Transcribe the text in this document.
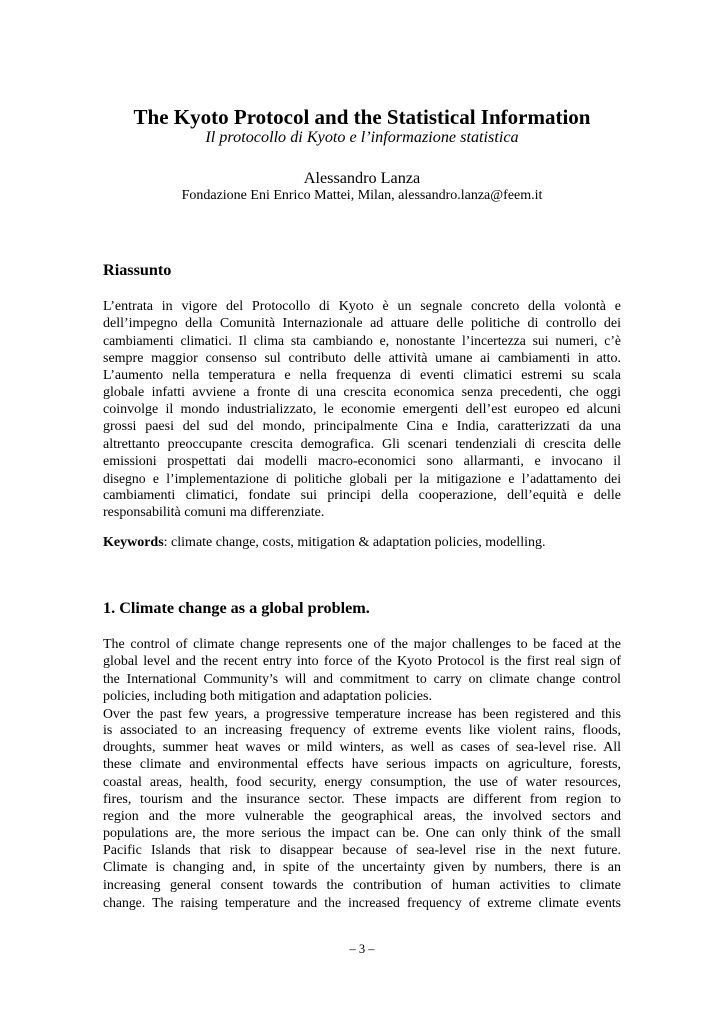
The Kyoto Protocol and the Statistical Information
Il protocollo di Kyoto e l’informazione statistica
Alessandro Lanza
Fondazione Eni Enrico Mattei, Milan, alessandro.lanza@feem.it
Riassunto
L’entrata in vigore del Protocollo di Kyoto è un segnale concreto della volontà e
dell’impegno della Comunità Internazionale ad attuare delle politiche di controllo dei
cambiamenti climatici. Il clima sta cambiando e, nonostante l’incertezza sui numeri, c’è
sempre maggior consenso sul contributo delle attività umane ai cambiamenti in atto.
L’aumento nella temperatura e nella frequenza di eventi climatici estremi su scala
globale infatti avviene a fronte di una crescita economica senza precedenti, che oggi
coinvolge il mondo industrializzato, le economie emergenti dell’est europeo ed alcuni
grossi paesi del sud del mondo, principalmente Cina e India, caratterizzati da una
altrettanto preoccupante crescita demografica. Gli scenari tendenziali di crescita delle
emissioni prospettati dai modelli macro-economici sono allarmanti, e invocano il
disegno e l’implementazione di politiche globali per la mitigazione e l’adattamento dei
cambiamenti climatici, fondate sui principi della cooperazione, dell’equità e delle
responsabilità comuni ma differenziate.
Keywords: climate change, costs, mitigation & adaptation policies, modelling.
1. Climate change as a global problem.
The control of climate change represents one of the major challenges to be faced at the
global level and the recent entry into force of the Kyoto Protocol is the first real sign of
the International Community’s will and commitment to carry on climate change control
policies, including both mitigation and adaptation policies.
Over the past few years, a progressive temperature increase has been registered and this
is associated to an increasing frequency of extreme events like violent rains, floods,
droughts, summer heat waves or mild winters, as well as cases of sea-level rise. All
these climate and environmental effects have serious impacts on agriculture, forests,
coastal areas, health, food security, energy consumption, the use of water resources,
fires, tourism and the insurance sector. These impacts are different from region to
region and the more vulnerable the geographical areas, the involved sectors and
populations are, the more serious the impact can be. One can only think of the small
Pacific Islands that risk to disappear because of sea-level rise in the next future.
Climate is changing and, in spite of the uncertainty given by numbers, there is an
increasing general consent towards the contribution of human activities to climate
change. The raising temperature and the increased frequency of extreme climate events
– 3 –
